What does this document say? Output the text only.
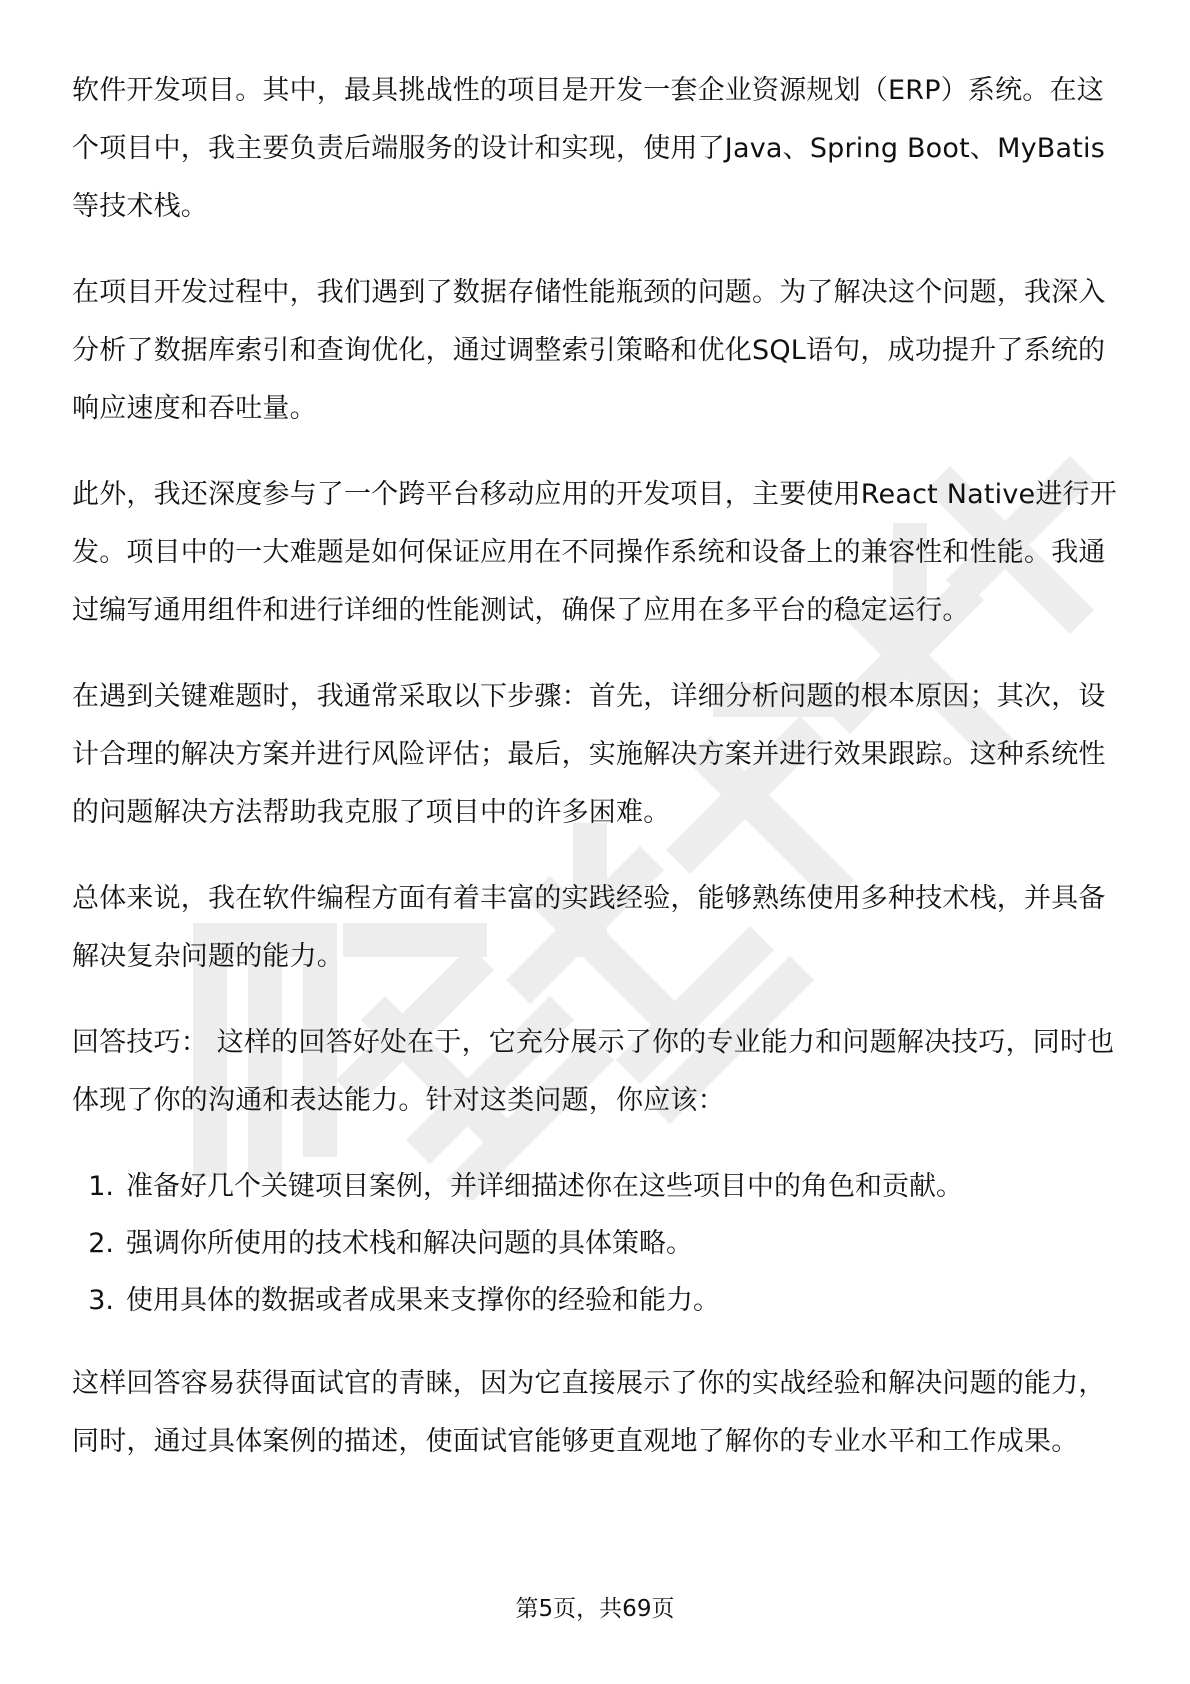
软件开发项目。其中，最具挑战性的项目是开发一套企业资源规划（ERP）系统。在这个项目中，我主要负责后端服务的设计和实现，使用了Java、Spring Boot、MyBatis等技术栈。

在项目开发过程中，我们遇到了数据存储性能瓶颈的问题。为了解决这个问题，我深入分析了数据库索引和查询优化，通过调整索引策略和优化SQL语句，成功提升了系统的响应速度和吞吐量。

此外，我还深度参与了一个跨平台移动应用的开发项目，主要使用React Native进行开发。项目中的一大难题是如何保证应用在不同操作系统和设备上的兼容性和性能。我通过编写通用组件和进行详细的性能测试，确保了应用在多平台的稳定运行。

在遇到关键难题时，我通常采取以下步骤：首先，详细分析问题的根本原因；其次，设计合理的解决方案并进行风险评估；最后，实施解决方案并进行效果跟踪。这种系统性的问题解决方法帮助我克服了项目中的许多困难。

总体来说，我在软件编程方面有着丰富的实践经验，能够熟练使用多种技术栈，并具备解决复杂问题的能力。

回答技巧： 这样的回答好处在于，它充分展示了你的专业能力和问题解决技巧，同时也体现了你的沟通和表达能力。针对这类问题，你应该：

1. 准备好几个关键项目案例，并详细描述你在这些项目中的角色和贡献。
2. 强调你所使用的技术栈和解决问题的具体策略。
3. 使用具体的数据或者成果来支撑你的经验和能力。

这样回答容易获得面试官的青睐，因为它直接展示了你的实战经验和解决问题的能力，同时，通过具体案例的描述，使面试官能够更直观地了解你的专业水平和工作成果。

第5页，共69页
